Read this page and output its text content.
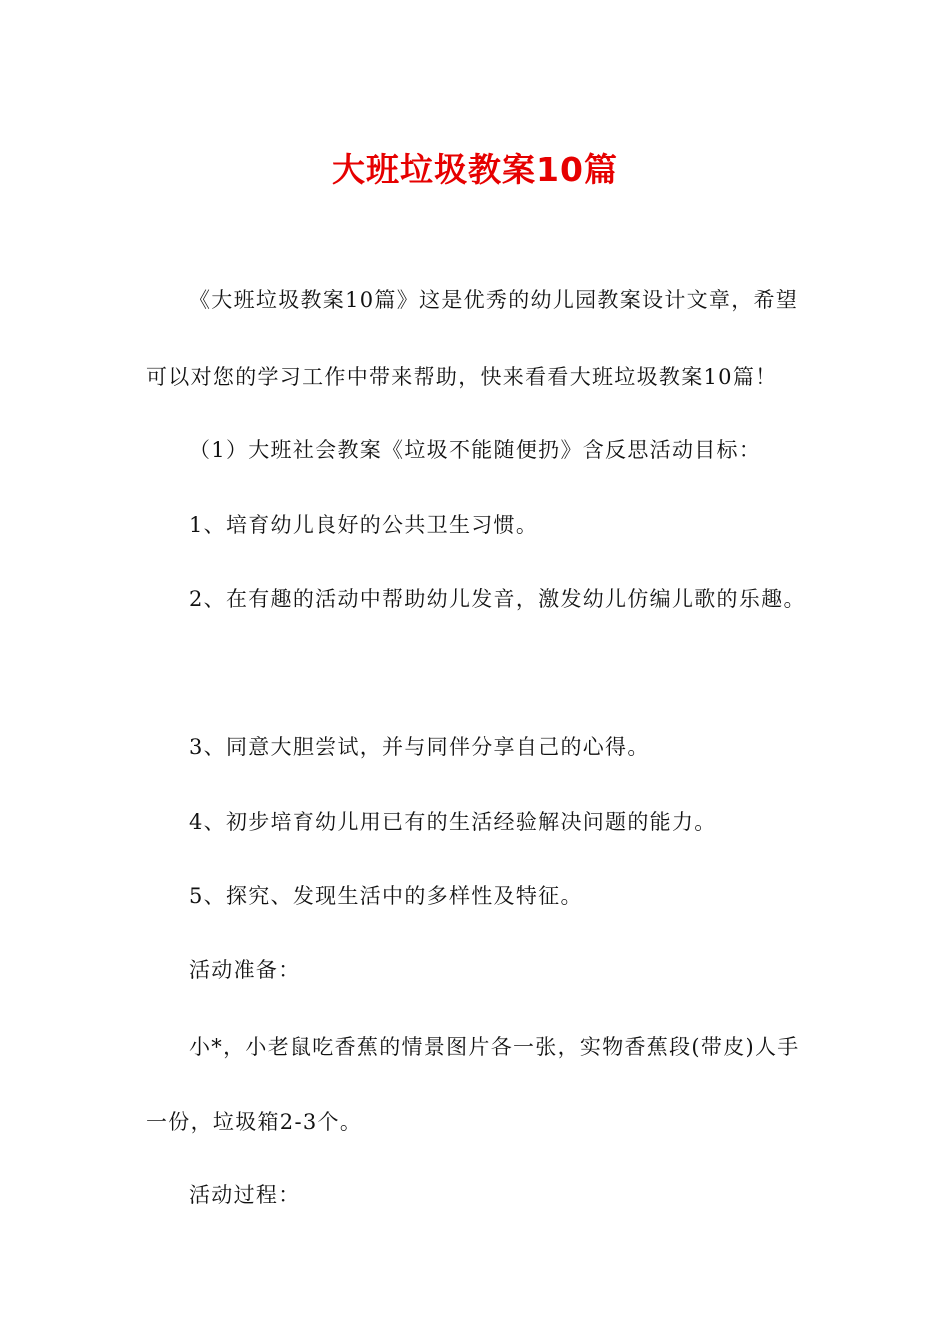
大班垃圾教案10篇
《大班垃圾教案10篇》这是优秀的幼儿园教案设计文章，希望
可以对您的学习工作中带来帮助，快来看看大班垃圾教案10篇！
（1）大班社会教案《垃圾不能随便扔》含反思活动目标：
1、培育幼儿良好的公共卫生习惯。
2、在有趣的活动中帮助幼儿发音，激发幼儿仿编儿歌的乐趣。
3、同意大胆尝试，并与同伴分享自己的心得。
4、初步培育幼儿用已有的生活经验解决问题的能力。
5、探究、发现生活中的多样性及特征。
活动准备：
小*，小老鼠吃香蕉的情景图片各一张，实物香蕉段(带皮)人手
一份，垃圾箱2-3个。
活动过程：
